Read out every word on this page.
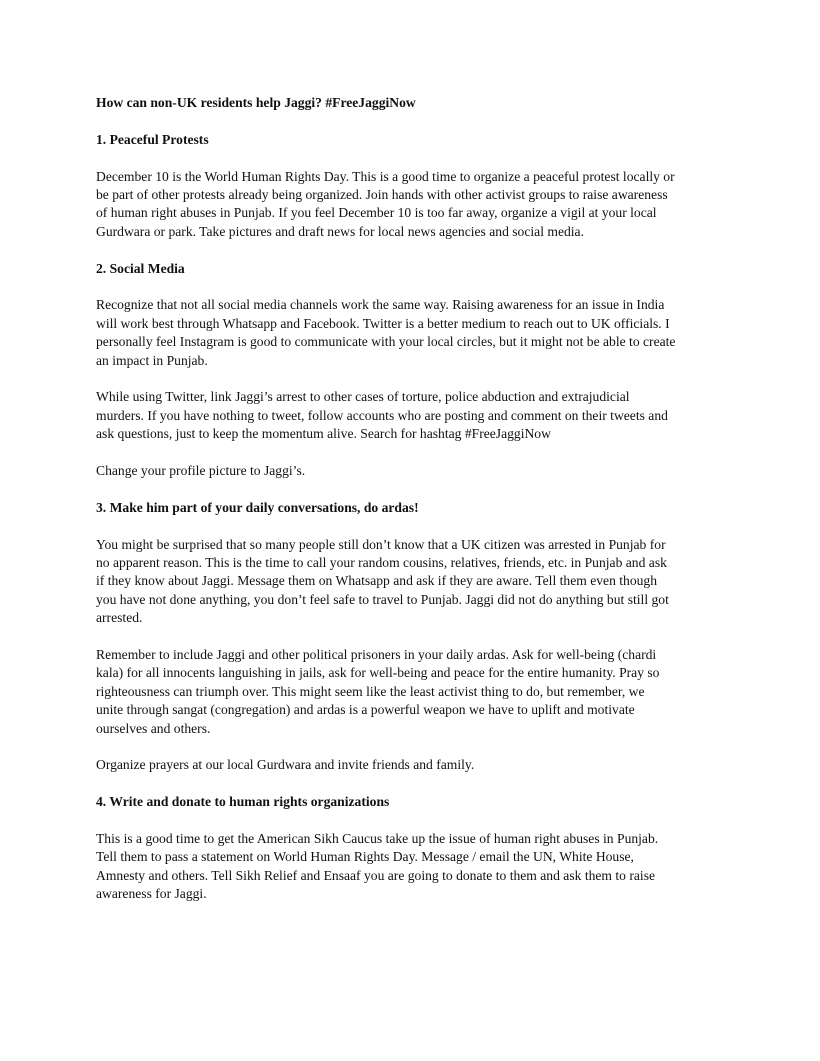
How can non-UK residents help Jaggi? #FreeJaggiNow

1. Peaceful Protests

December 10 is the World Human Rights Day. This is a good time to organize a peaceful protest locally or

be part of other protests already being organized. Join hands with other activist groups to raise awareness

of human right abuses in Punjab. If you feel December 10 is too far away, organize a vigil at your local

Gurdwara or park. Take pictures and draft news for local news agencies and social media.

2. Social Media

Recognize that not all social media channels work the same way. Raising awareness for an issue in India

will work best through Whatsapp and Facebook. Twitter is a better medium to reach out to UK officials. I

personally feel Instagram is good to communicate with your local circles, but it might not be able to create

an impact in Punjab.

While using Twitter, link Jaggi’s arrest to other cases of torture, police abduction and extrajudicial

murders. If you have nothing to tweet, follow accounts who are posting and comment on their tweets and

ask questions, just to keep the momentum alive. Search for hashtag #FreeJaggiNow

Change your profile picture to Jaggi’s.

3. Make him part of your daily conversations, do ardas!

You might be surprised that so many people still don’t know that a UK citizen was arrested in Punjab for

no apparent reason. This is the time to call your random cousins, relatives, friends, etc. in Punjab and ask

if they know about Jaggi. Message them on Whatsapp and ask if they are aware. Tell them even though

you have not done anything, you don’t feel safe to travel to Punjab. Jaggi did not do anything but still got

arrested.

Remember to include Jaggi and other political prisoners in your daily ardas. Ask for well-being (chardi

kala) for all innocents languishing in jails, ask for well-being and peace for the entire humanity. Pray so

righteousness can triumph over. This might seem like the least activist thing to do, but remember, we

unite through sangat (congregation) and ardas is a powerful weapon we have to uplift and motivate

ourselves and others.

Organize prayers at our local Gurdwara and invite friends and family.

4. Write and donate to human rights organizations

This is a good time to get the American Sikh Caucus take up the issue of human right abuses in Punjab.

Tell them to pass a statement on World Human Rights Day. Message / email the UN, White House,

Amnesty and others. Tell Sikh Relief and Ensaaf you are going to donate to them and ask them to raise

awareness for Jaggi.
